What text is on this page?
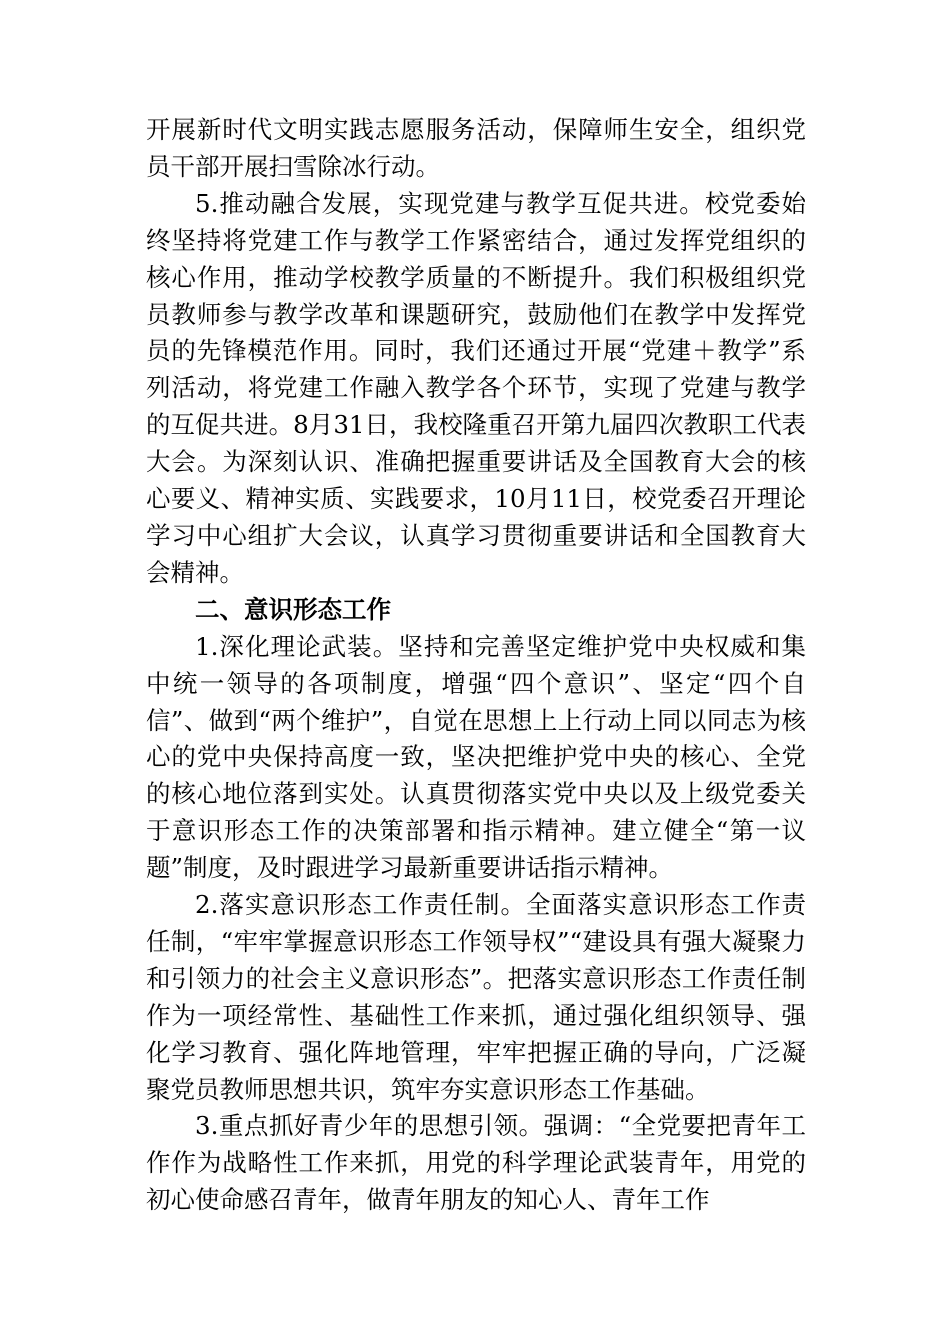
开展新时代文明实践志愿服务活动，保障师生安全，组织党员干部开展扫雪除冰行动。

5.推动融合发展，实现党建与教学互促共进。校党委始终坚持将党建工作与教学工作紧密结合，通过发挥党组织的核心作用，推动学校教学质量的不断提升。我们积极组织党员教师参与教学改革和课题研究，鼓励他们在教学中发挥党员的先锋模范作用。同时，我们还通过开展“党建＋教学”系列活动，将党建工作融入教学各个环节，实现了党建与教学的互促共进。8月31日，我校隆重召开第九届四次教职工代表大会。为深刻认识、准确把握重要讲话及全国教育大会的核心要义、精神实质、实践要求，10月11日，校党委召开理论学习中心组扩大会议，认真学习贯彻重要讲话和全国教育大会精神。

二、意识形态工作

1.深化理论武装。坚持和完善坚定维护党中央权威和集中统一领导的各项制度，增强“四个意识”、坚定“四个自信”、做到“两个维护”，自觉在思想上上行动上同以同志为核心的党中央保持高度一致，坚决把维护党中央的核心、全党的核心地位落到实处。认真贯彻落实党中央以及上级党委关于意识形态工作的决策部署和指示精神。建立健全“第一议题”制度，及时跟进学习最新重要讲话指示精神。

2.落实意识形态工作责任制。全面落实意识形态工作责任制，“牢牢掌握意识形态工作领导权”“建设具有强大凝聚力和引领力的社会主义意识形态”。把落实意识形态工作责任制作为一项经常性、基础性工作来抓，通过强化组织领导、强化学习教育、强化阵地管理，牢牢把握正确的导向，广泛凝聚党员教师思想共识，筑牢夯实意识形态工作基础。

3.重点抓好青少年的思想引领。强调：“全党要把青年工作作为战略性工作来抓，用党的科学理论武装青年，用党的初心使命感召青年，做青年朋友的知心人、青年工作
